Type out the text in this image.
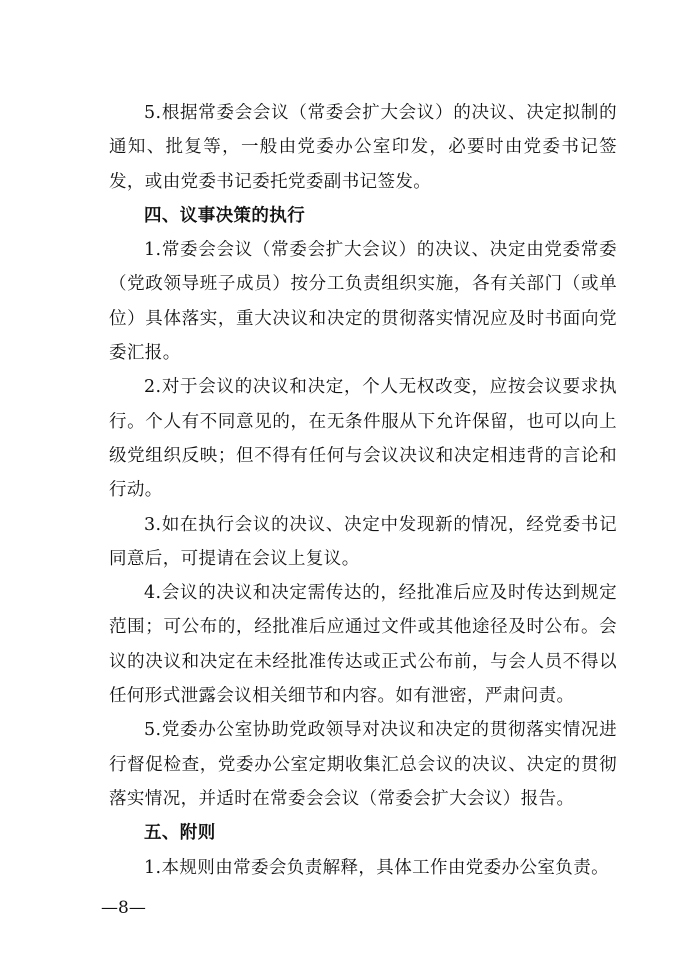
5.根据常委会会议（常委会扩大会议）的决议、决定拟制的通知、批复等，一般由党委办公室印发，必要时由党委书记签发，或由党委书记委托党委副书记签发。

四、议事决策的执行

1.常委会会议（常委会扩大会议）的决议、决定由党委常委（党政领导班子成员）按分工负责组织实施，各有关部门（或单位）具体落实，重大决议和决定的贯彻落实情况应及时书面向党委汇报。

2.对于会议的决议和决定，个人无权改变，应按会议要求执行。个人有不同意见的，在无条件服从下允许保留，也可以向上级党组织反映；但不得有任何与会议决议和决定相违背的言论和行动。

3.如在执行会议的决议、决定中发现新的情况，经党委书记同意后，可提请在会议上复议。

4.会议的决议和决定需传达的，经批准后应及时传达到规定范围；可公布的，经批准后应通过文件或其他途径及时公布。会议的决议和决定在未经批准传达或正式公布前，与会人员不得以任何形式泄露会议相关细节和内容。如有泄密，严肃问责。

5.党委办公室协助党政领导对决议和决定的贯彻落实情况进行督促检查，党委办公室定期收集汇总会议的决议、决定的贯彻落实情况，并适时在常委会会议（常委会扩大会议）报告。

五、附则

1.本规则由常委会负责解释，具体工作由党委办公室负责。

—8—
